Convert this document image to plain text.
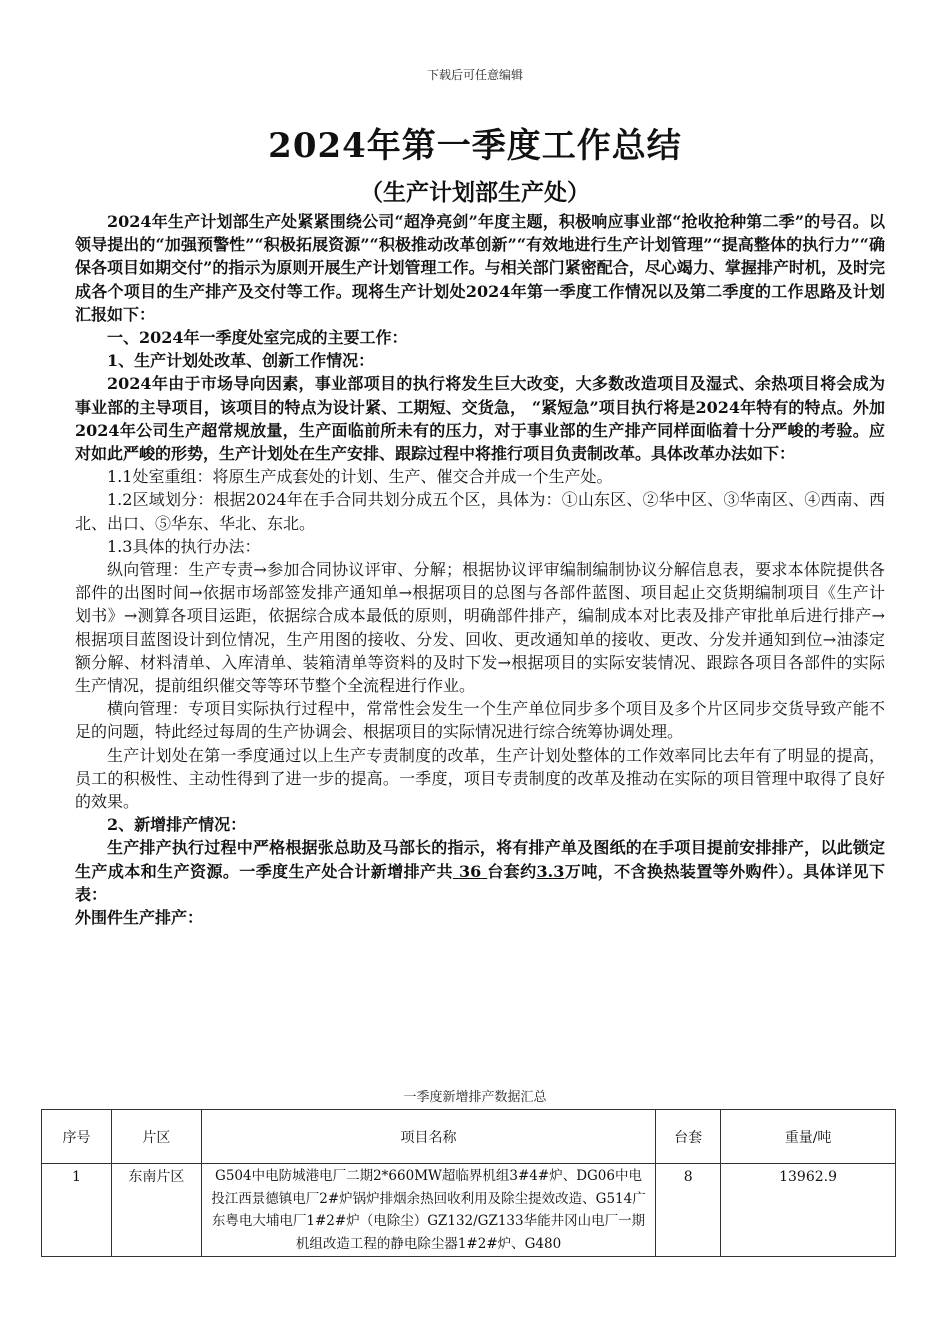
下载后可任意编辑
2024年第一季度工作总结
（生产计划部生产处）

2024年生产计划部生产处紧紧围绕公司“超净亮剑”年度主题，积极响应事业部“抢收抢种第二季”的号召。以领导提出的“加强预警性”“积极拓展资源”“积极推动改革创新”“有效地进行生产计划管理”“提高整体的执行力”“确保各项目如期交付”的指示为原则开展生产计划管理工作。与相关部门紧密配合，尽心竭力、掌握排产时机，及时完成各个项目的生产排产及交付等工作。现将生产计划处2024年第一季度工作情况以及第二季度的工作思路及计划汇报如下：

一、2024年一季度处室完成的主要工作：

1、生产计划处改革、创新工作情况：

2024年由于市场导向因素，事业部项目的执行将发生巨大改变，大多数改造项目及湿式、余热项目将会成为事业部的主导项目，该项目的特点为设计紧、工期短、交货急， “紧短急”项目执行将是2024年特有的特点。外加2024年公司生产超常规放量，生产面临前所未有的压力，对于事业部的生产排产同样面临着十分严峻的考验。应对如此严峻的形势，生产计划处在生产安排、跟踪过程中将推行项目负责制改革。具体改革办法如下：

1.1处室重组：将原生产成套处的计划、生产、催交合并成一个生产处。

1.2区域划分：根据2024年在手合同共划分成五个区，具体为：①山东区、②华中区、③华南区、④西南、西北、出口、⑤华东、华北、东北。

1.3具体的执行办法：

纵向管理：生产专责→参加合同协议评审、分解；根据协议评审编制编制协议分解信息表，要求本体院提供各部件的出图时间→依据市场部签发排产通知单→根据项目的总图与各部件蓝图、项目起止交货期编制项目《生产计划书》→测算各项目运距，依据综合成本最低的原则，明确部件排产，编制成本对比表及排产审批单后进行排产→根据项目蓝图设计到位情况，生产用图的接收、分发、回收、更改通知单的接收、更改、分发并通知到位→油漆定额分解、材料清单、入库清单、装箱清单等资料的及时下发→根据项目的实际安装情况、跟踪各项目各部件的实际生产情况，提前组织催交等等环节整个全流程进行作业。

横向管理：专项目实际执行过程中，常常性会发生一个生产单位同步多个项目及多个片区同步交货导致产能不足的问题，特此经过每周的生产协调会、根据项目的实际情况进行综合统筹协调处理。

生产计划处在第一季度通过以上生产专责制度的改革，生产计划处整体的工作效率同比去年有了明显的提高，员工的积极性、主动性得到了进一步的提高。一季度，项目专责制度的改革及推动在实际的项目管理中取得了良好的效果。

2、新增排产情况：

生产排产执行过程中严格根据张总助及马部长的指示，将有排产单及图纸的在手项目提前安排排产，以此锁定生产成本和生产资源。一季度生产处合计新增排产共 36 台套约3.3万吨，不含换热装置等外购件）。具体详见下表：

外围件生产排产：

一季度新增排产数据汇总
序号	片区	项目名称	台套	重量/吨
1	东南片区	G504中电防城港电厂二期2*660MW超临界机组3#4#炉、DG06中电投江西景德镇电厂2#炉锅炉排烟余热回收利用及除尘提效改造、G514广东粤电大埔电厂1#2#炉（电除尘）GZ132/GZ133华能井冈山电厂一期机组改造工程的静电除尘器1#2#炉、G480	8	13962.9
